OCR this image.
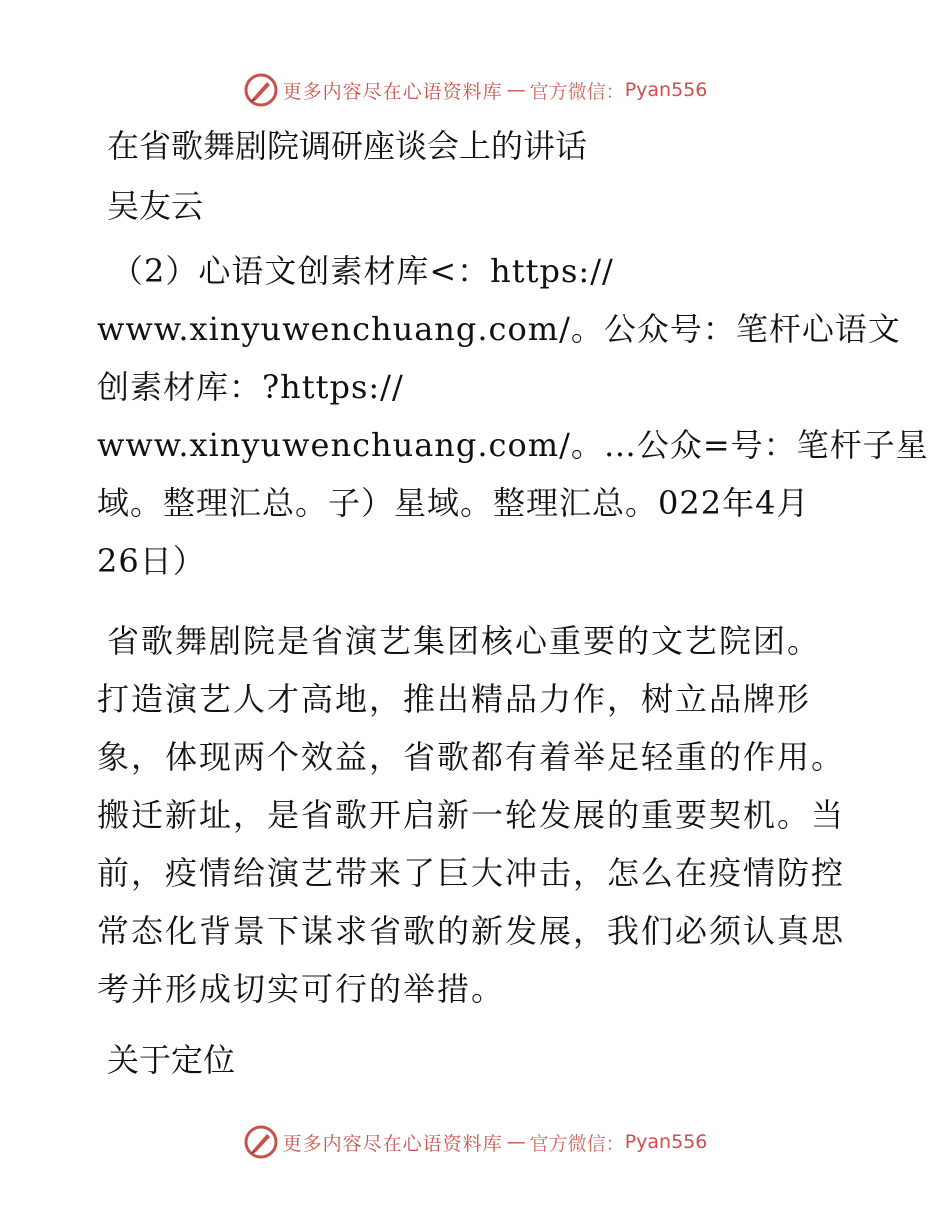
更多内容尽在心语资料库 — 官方微信： Pyan556
在省歌舞剧院调研座谈会上的讲话

吴友云

（2）心语文创素材库<：https://
www.xinyuwenchuang.com/。公众号：笔杆心语文
创素材库：?https://
www.xinyuwenchuang.com/。…公众=号：笔杆子星
域。整理汇总。子）星域。整理汇总。022年4月
26日）
省歌舞剧院是省演艺集团核心重要的文艺院团。
打造演艺人才高地，推出精品力作，树立品牌形
象，体现两个效益，省歌都有着举足轻重的作用。
搬迁新址，是省歌开启新一轮发展的重要契机。当
前，疫情给演艺带来了巨大冲击，怎么在疫情防控
常态化背景下谋求省歌的新发展，我们必须认真思
考并形成切实可行的举措。
关于定位
更多内容尽在心语资料库 — 官方微信： Pyan556
